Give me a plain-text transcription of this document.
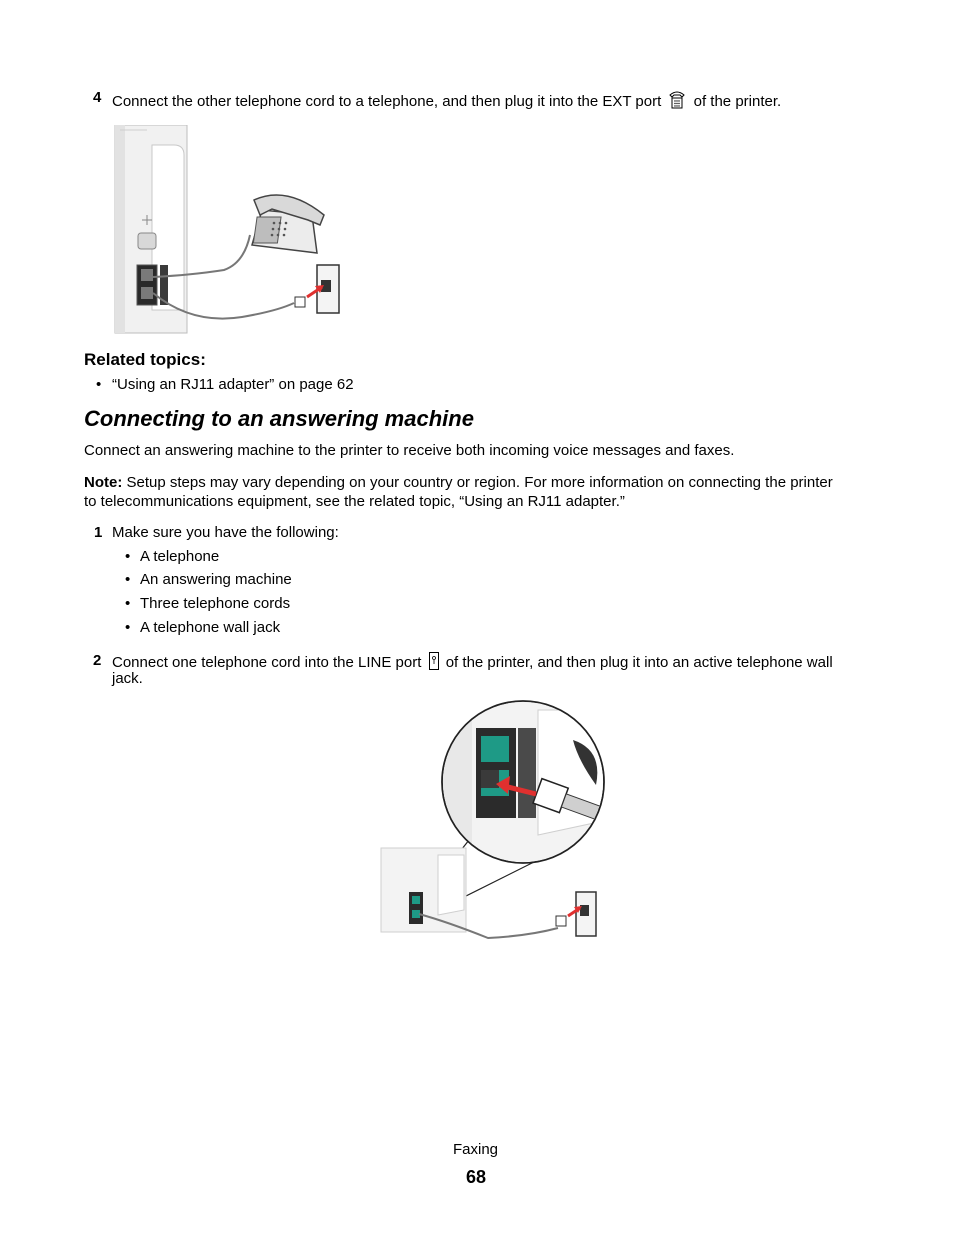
4 Connect the other telephone cord to a telephone, and then plug it into the EXT port of the printer.
Related topics:
• “Using an RJ11 adapter” on page 62
Connecting to an answering machine
Connect an answering machine to the printer to receive both incoming voice messages and faxes.
Note: Setup steps may vary depending on your country or region. For more information on connecting the printer
to telecommunications equipment, see the related topic, “Using an RJ11 adapter.”
1 Make sure you have the following:
• A telephone
• An answering machine
• Three telephone cords
• A telephone wall jack
2 Connect one telephone cord into the LINE port of the printer, and then plug it into an active telephone wall
jack.
Faxing
68
